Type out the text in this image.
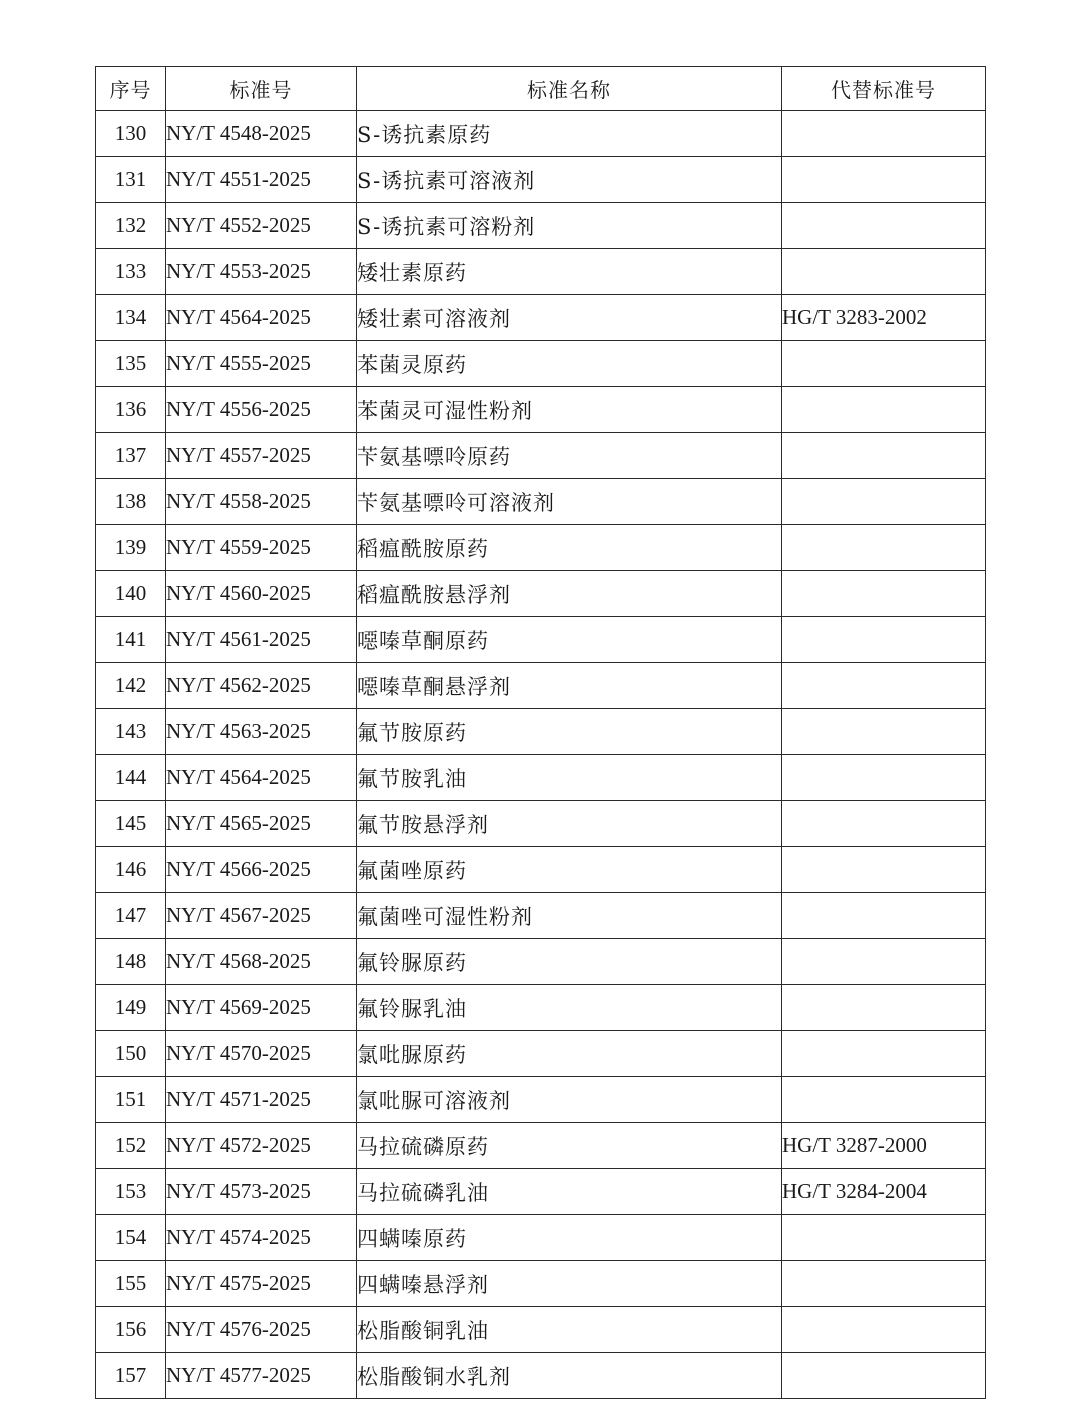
序号	标准号	标准名称	代替标准号
130	NY/T 4548-2025	S-诱抗素原药	
131	NY/T 4551-2025	S-诱抗素可溶液剂	
132	NY/T 4552-2025	S-诱抗素可溶粉剂	
133	NY/T 4553-2025	矮壮素原药	
134	NY/T 4564-2025	矮壮素可溶液剂	HG/T 3283-2002
135	NY/T 4555-2025	苯菌灵原药	
136	NY/T 4556-2025	苯菌灵可湿性粉剂	
137	NY/T 4557-2025	苄氨基嘌呤原药	
138	NY/T 4558-2025	苄氨基嘌呤可溶液剂	
139	NY/T 4559-2025	稻瘟酰胺原药	
140	NY/T 4560-2025	稻瘟酰胺悬浮剂	
141	NY/T 4561-2025	噁嗪草酮原药	
142	NY/T 4562-2025	噁嗪草酮悬浮剂	
143	NY/T 4563-2025	氟节胺原药	
144	NY/T 4564-2025	氟节胺乳油	
145	NY/T 4565-2025	氟节胺悬浮剂	
146	NY/T 4566-2025	氟菌唑原药	
147	NY/T 4567-2025	氟菌唑可湿性粉剂	
148	NY/T 4568-2025	氟铃脲原药	
149	NY/T 4569-2025	氟铃脲乳油	
150	NY/T 4570-2025	氯吡脲原药	
151	NY/T 4571-2025	氯吡脲可溶液剂	
152	NY/T 4572-2025	马拉硫磷原药	HG/T 3287-2000
153	NY/T 4573-2025	马拉硫磷乳油	HG/T 3284-2004
154	NY/T 4574-2025	四螨嗪原药	
155	NY/T 4575-2025	四螨嗪悬浮剂	
156	NY/T 4576-2025	松脂酸铜乳油	
157	NY/T 4577-2025	松脂酸铜水乳剂	
